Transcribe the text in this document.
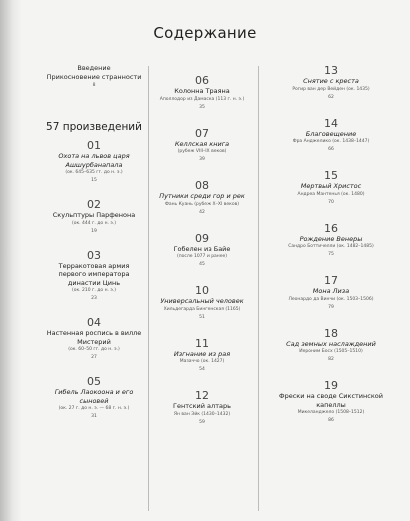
Содержание
Введение
Прикосновение странности
8
57 произведений
01
Охота на львов царя Ашшурбанапала
(ок. 645–635 гг. до н. э.)
15
02
Скульптуры Парфенона
(ок. 444 г. до н. э.)
19
03
Терракотовая армия первого императора династии Цинь
(ок. 210 г. до н. э.)
23
04
Настенная роспись в вилле Мистерий
(ок. 60–50 гг. до н. э.)
27
05
Гибель Лаокоона и его сыновей
(ок. 27 г. до н. э. — 68 г. н. э.)
31
06
Колонна Траяна
Аполлодор из Дамаска (113 г. н. э.)
35
07
Келлская книга
(рубеж VIII–IX веков)
39
08
Путники среди гор и рек
Фань Куань (рубеж X–XI веков)
42
09
Гобелен из Байе
(после 1077 и ранее)
45
10
Универсальный человек
Хильдегарда Бингенская (1165)
51
11
Изгнание из рая
Мазаччо (ок. 1427)
54
12
Гентский алтарь
Ян ван Эйк (1430–1432)
59
13
Снятие с креста
Рогир ван дер Вейден (ок. 1435)
62
14
Благовещение
Фра Анджелико (ок. 1438–1447)
66
15
Мертвый Христос
Андреа Мантенья (ок. 1480)
70
16
Рождение Венеры
Сандро Боттичелли (ок. 1482–1485)
75
17
Мона Лиза
Леонардо да Винчи (ок. 1503–1506)
79
18
Сад земных наслаждений
Иероним Босх (1505–1510)
82
19
Фрески на своде Сикстинской капеллы
Микеланджело (1508–1512)
86
